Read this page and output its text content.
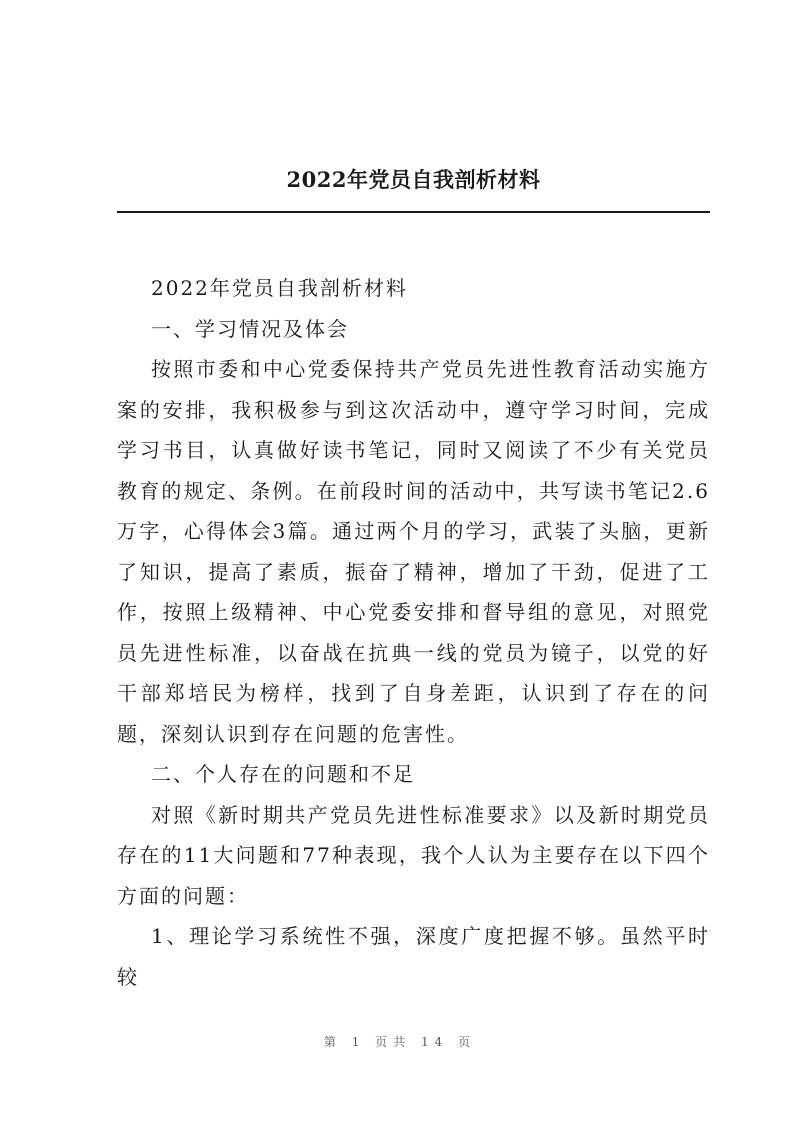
2022年党员自我剖析材料

2022年党员自我剖析材料

一、学习情况及体会

按照市委和中心党委保持共产党员先进性教育活动实施方案的安排，我积极参与到这次活动中，遵守学习时间，完成学习书目，认真做好读书笔记，同时又阅读了不少有关党员教育的规定、条例。在前段时间的活动中，共写读书笔记2.6万字，心得体会3篇。通过两个月的学习，武装了头脑，更新了知识，提高了素质，振奋了精神，增加了干劲，促进了工作，按照上级精神、中心党委安排和督导组的意见，对照党员先进性标准，以奋战在抗典一线的党员为镜子，以党的好干部郑培民为榜样，找到了自身差距，认识到了存在的问题，深刻认识到存在问题的危害性。

二、个人存在的问题和不足

对照《新时期共产党员先进性标准要求》以及新时期党员存在的11大问题和77种表现，我个人认为主要存在以下四个方面的问题：

1、理论学习系统性不强，深度广度把握不够。虽然平时较

第 1 页共 14 页
